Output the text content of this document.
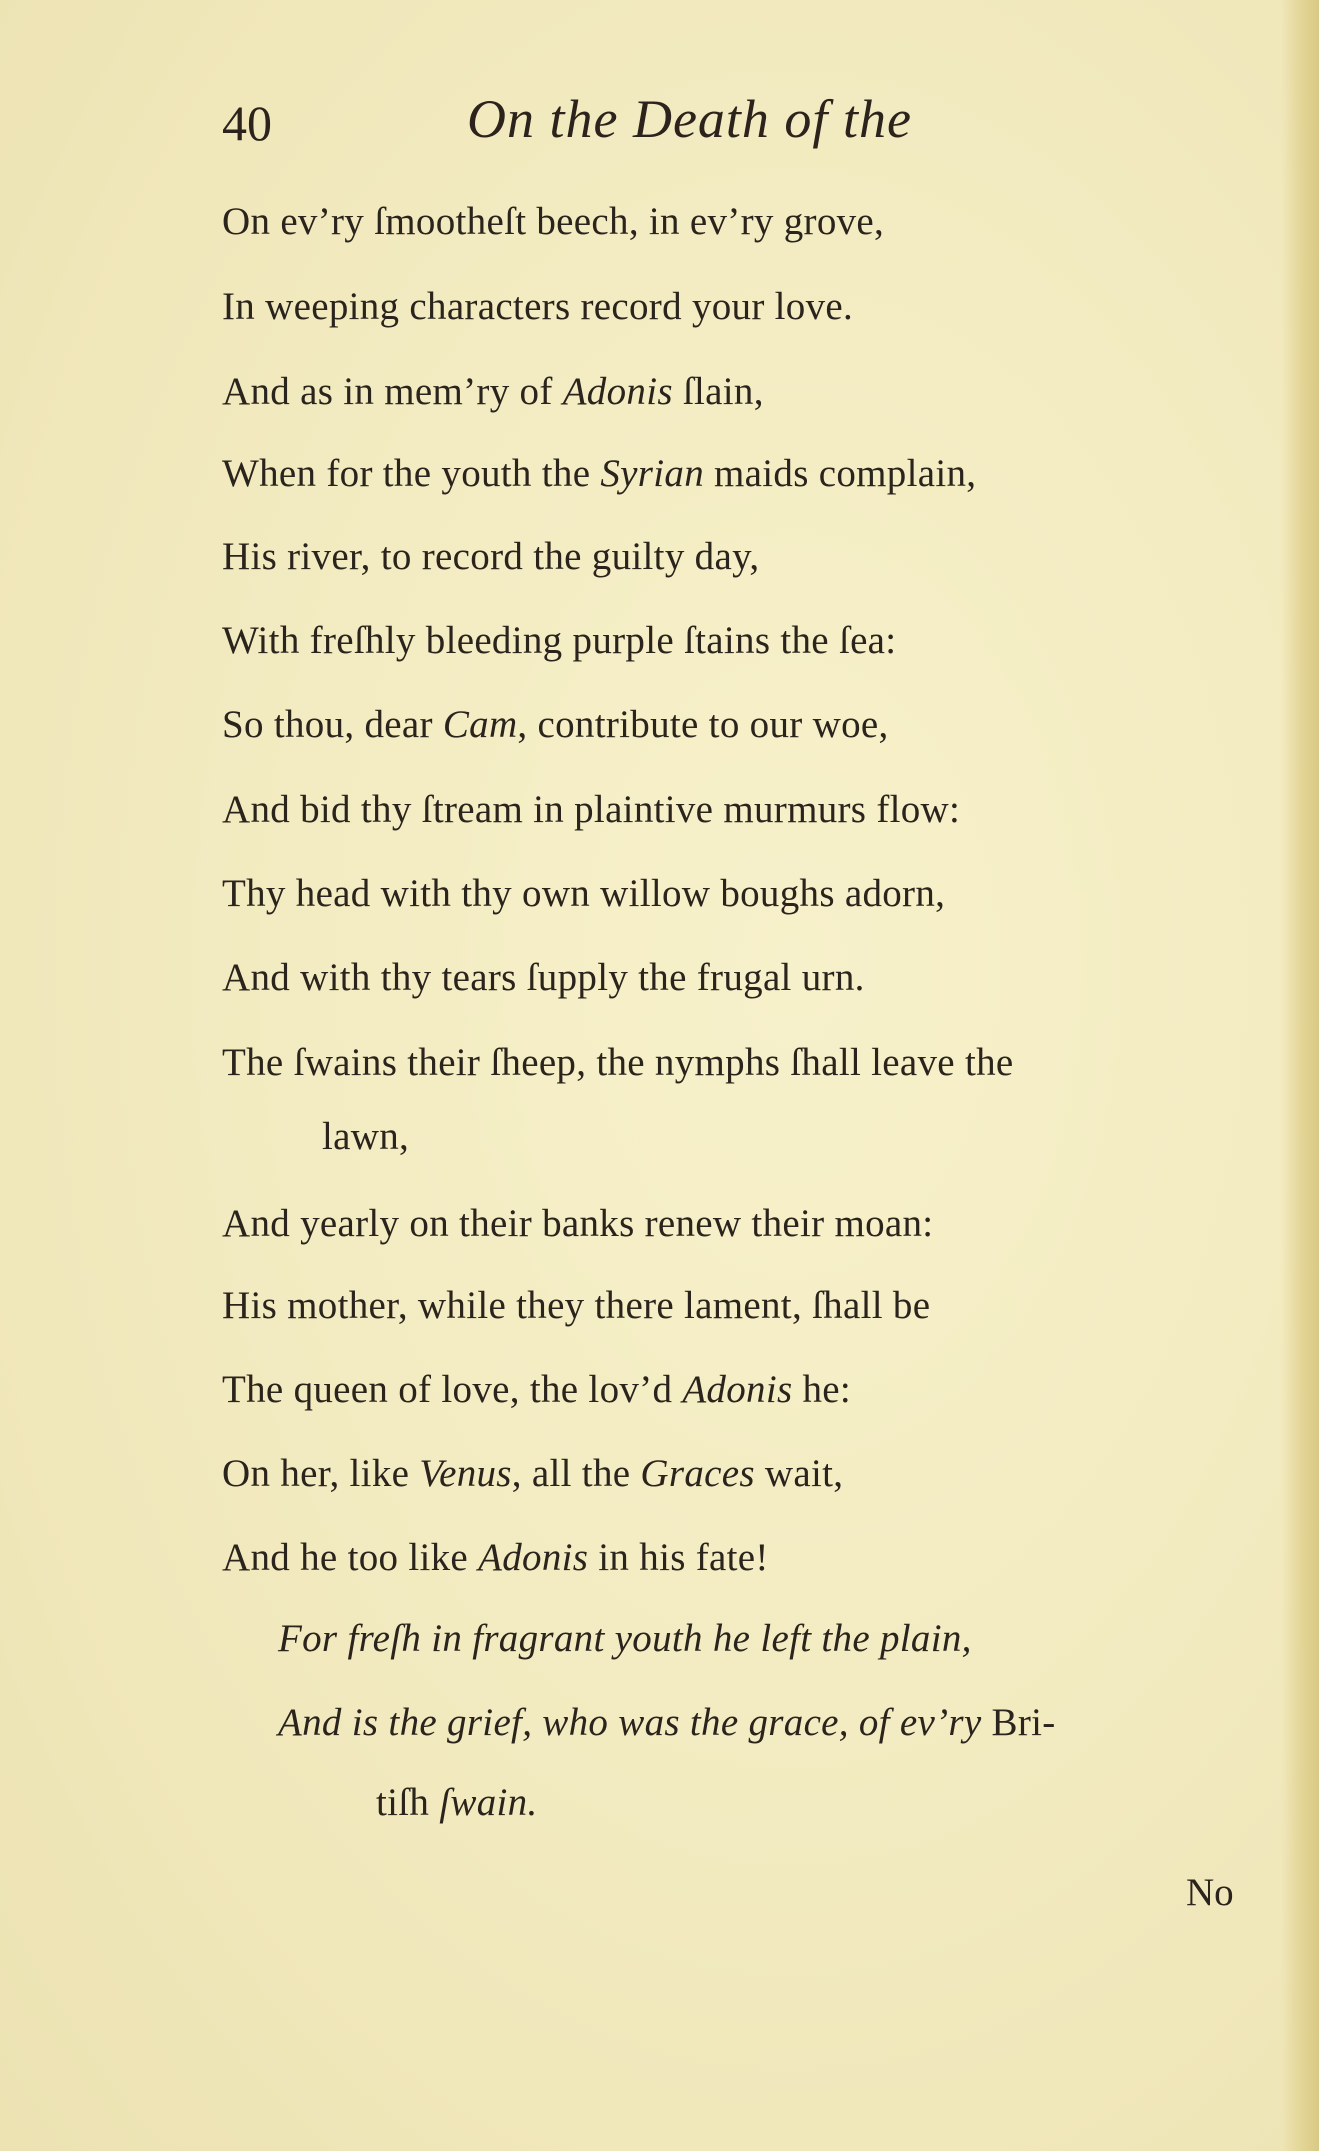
40	On the Death of the
On ev’ry ſmootheſt beech, in ev’ry grove,
In weeping characters record your love.
And as in mem’ry of Adonis ſlain,
When for the youth the Syrian maids complain,
His river, to record the guilty day,
With freſhly bleeding purple ſtains the ſea:
So thou, dear Cam, contribute to our woe,
And bid thy ſtream in plaintive murmurs flow:
Thy head with thy own willow boughs adorn,
And with thy tears ſupply the frugal urn.
The ſwains their ſheep, the nymphs ſhall leave the
lawn,
And yearly on their banks renew their moan:
His mother, while they there lament, ſhall be
The queen of love, the lov’d Adonis he:
On her, like Venus, all the Graces wait,
And he too like Adonis in his fate!
For freſh in fragrant youth he left the plain,
And is the grief, who was the grace, of ev’ry Bri-
tiſh ſwain.
No
